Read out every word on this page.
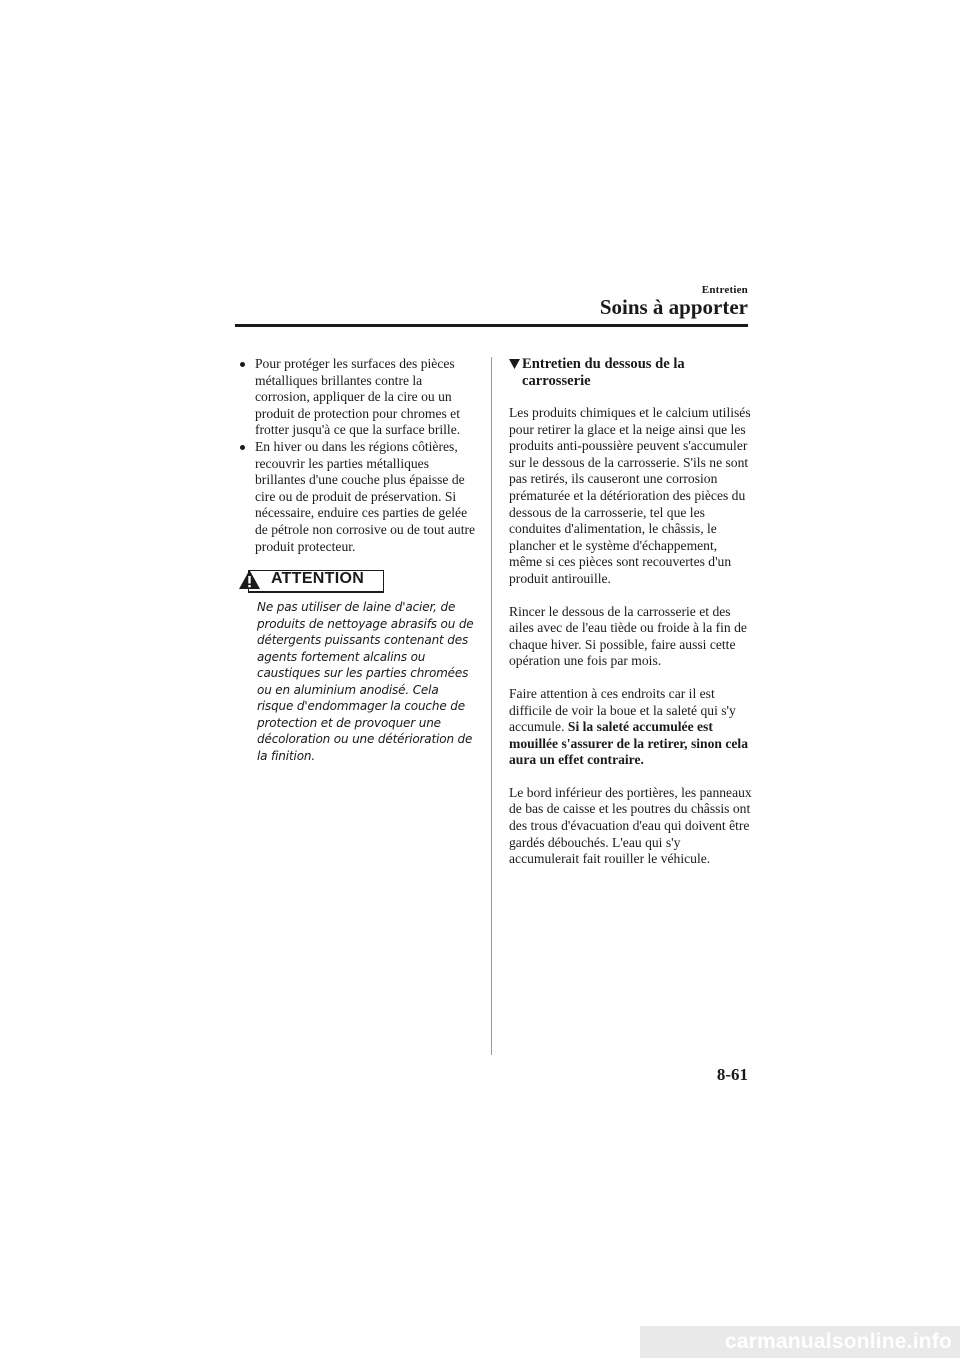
Entretien
Soins à apporter
Pour protéger les surfaces des pièces métalliques brillantes contre la corrosion, appliquer de la cire ou un produit de protection pour chromes et frotter jusqu'à ce que la surface brille.
En hiver ou dans les régions côtières, recouvrir les parties métalliques brillantes d'une couche plus épaisse de cire ou de produit de préservation. Si nécessaire, enduire ces parties de gelée de pétrole non corrosive ou de tout autre produit protecteur.
ATTENTION
Ne pas utiliser de laine d'acier, de produits de nettoyage abrasifs ou de détergents puissants contenant des agents fortement alcalins ou caustiques sur les parties chromées ou en aluminium anodisé. Cela risque d'endommager la couche de protection et de provoquer une décoloration ou une détérioration de la finition.
Entretien du dessous de la carrosserie

Les produits chimiques et le calcium utilisés pour retirer la glace et la neige ainsi que les produits anti-poussière peuvent s'accumuler sur le dessous de la carrosserie. S'ils ne sont pas retirés, ils causeront une corrosion prématurée et la détérioration des pièces du dessous de la carrosserie, tel que les conduites d'alimentation, le châssis, le plancher et le système d'échappement, même si ces pièces sont recouvertes d'un produit antirouille.

Rincer le dessous de la carrosserie et des ailes avec de l'eau tiède ou froide à la fin de chaque hiver. Si possible, faire aussi cette opération une fois par mois.

Faire attention à ces endroits car il est difficile de voir la boue et la saleté qui s'y accumule. Si la saleté accumulée est mouillée s'assurer de la retirer, sinon cela aura un effet contraire.

Le bord inférieur des portières, les panneaux de bas de caisse et les poutres du châssis ont des trous d'évacuation d'eau qui doivent être gardés débouchés. L'eau qui s'y accumulerait fait rouiller le véhicule.

8-61
carmanualsonline.info
